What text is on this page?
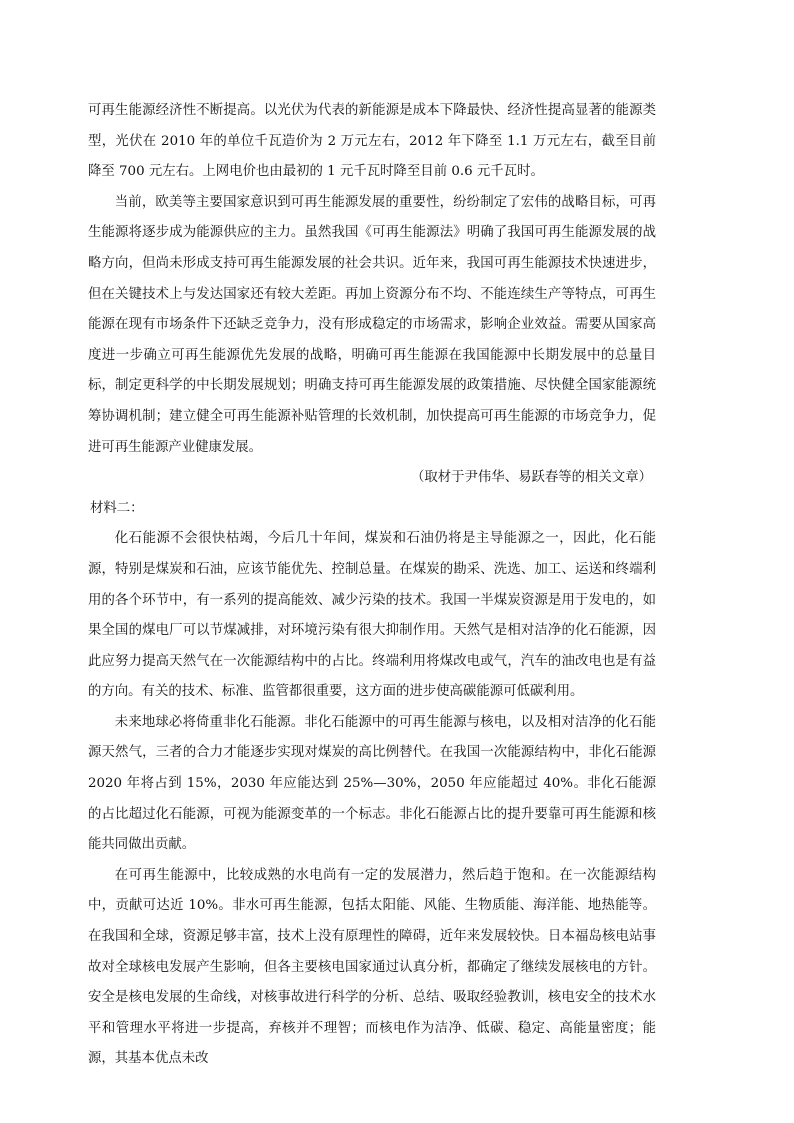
可再生能源经济性不断提高。以光伏为代表的新能源是成本下降最快、经济性提高显著的能源类型，光伏在 2010 年的单位千瓦造价为 2 万元左右，2012 年下降至 1.1 万元左右，截至目前降至 700 元左右。上网电价也由最初的 1 元千瓦时降至目前 0.6 元千瓦时。

当前，欧美等主要国家意识到可再生能源发展的重要性，纷纷制定了宏伟的战略目标，可再生能源将逐步成为能源供应的主力。虽然我国《可再生能源法》明确了我国可再生能源发展的战略方向，但尚未形成支持可再生能源发展的社会共识。近年来，我国可再生能源技术快速进步，但在关键技术上与发达国家还有较大差距。再加上资源分布不均、不能连续生产等特点，可再生能源在现有市场条件下还缺乏竞争力，没有形成稳定的市场需求，影响企业效益。需要从国家高度进一步确立可再生能源优先发展的战略，明确可再生能源在我国能源中长期发展中的总量目标，制定更科学的中长期发展规划；明确支持可再生能源发展的政策措施、尽快健全国家能源统筹协调机制；建立健全可再生能源补贴管理的长效机制，加快提高可再生能源的市场竞争力，促进可再生能源产业健康发展。

（取材于尹伟华、易跃春等的相关文章）

材料二：

化石能源不会很快枯竭，今后几十年间，煤炭和石油仍将是主导能源之一，因此，化石能源，特别是煤炭和石油，应该节能优先、控制总量。在煤炭的勘采、洗选、加工、运送和终端利用的各个环节中，有一系列的提高能效、减少污染的技术。我国一半煤炭资源是用于发电的，如果全国的煤电厂可以节煤减排，对环境污染有很大抑制作用。天然气是相对洁净的化石能源，因此应努力提高天然气在一次能源结构中的占比。终端利用将煤改电或气，汽车的油改电也是有益的方向。有关的技术、标准、监管都很重要，这方面的进步使高碳能源可低碳利用。

未来地球必将倚重非化石能源。非化石能源中的可再生能源与核电，以及相对洁净的化石能源天然气，三者的合力才能逐步实现对煤炭的高比例替代。在我国一次能源结构中，非化石能源 2020 年将占到 15%，2030 年应能达到 25%—30%，2050 年应能超过 40%。非化石能源的占比超过化石能源，可视为能源变革的一个标志。非化石能源占比的提升要靠可再生能源和核能共同做出贡献。

在可再生能源中，比较成熟的水电尚有一定的发展潜力，然后趋于饱和。在一次能源结构中，贡献可达近 10%。非水可再生能源，包括太阳能、风能、生物质能、海洋能、地热能等。在我国和全球，资源足够丰富，技术上没有原理性的障碍，近年来发展较快。日本福岛核电站事故对全球核电发展产生影响，但各主要核电国家通过认真分析，都确定了继续发展核电的方针。安全是核电发展的生命线，对核事故进行科学的分析、总结、吸取经验教训，核电安全的技术水平和管理水平将进一步提高，弃核并不理智；而核电作为洁净、低碳、稳定、高能量密度；能源，其基本优点未改
